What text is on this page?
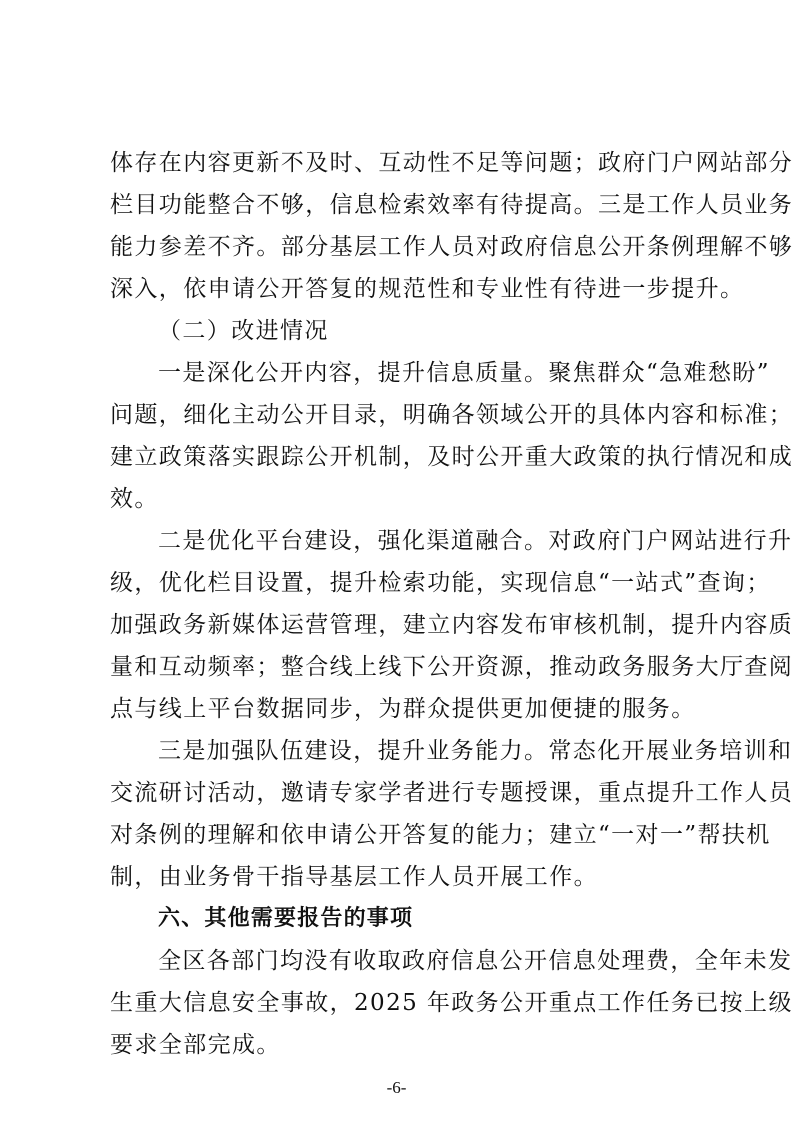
体存在内容更新不及时、互动性不足等问题；政府门户网站部分
栏目功能整合不够，信息检索效率有待提高。三是工作人员业务
能力参差不齐。部分基层工作人员对政府信息公开条例理解不够
深入，依申请公开答复的规范性和专业性有待进一步提升。
（二）改进情况
一是深化公开内容，提升信息质量。聚焦群众“急难愁盼”
问题，细化主动公开目录，明确各领域公开的具体内容和标准；
建立政策落实跟踪公开机制，及时公开重大政策的执行情况和成
效。
二是优化平台建设，强化渠道融合。对政府门户网站进行升
级，优化栏目设置，提升检索功能，实现信息“一站式”查询；
加强政务新媒体运营管理，建立内容发布审核机制，提升内容质
量和互动频率；整合线上线下公开资源，推动政务服务大厅查阅
点与线上平台数据同步，为群众提供更加便捷的服务。
三是加强队伍建设，提升业务能力。常态化开展业务培训和
交流研讨活动，邀请专家学者进行专题授课，重点提升工作人员
对条例的理解和依申请公开答复的能力；建立“一对一”帮扶机
制，由业务骨干指导基层工作人员开展工作。
六、其他需要报告的事项
全区各部门均没有收取政府信息公开信息处理费，全年未发
生重大信息安全事故，2025 年政务公开重点工作任务已按上级
要求全部完成。
-6-
